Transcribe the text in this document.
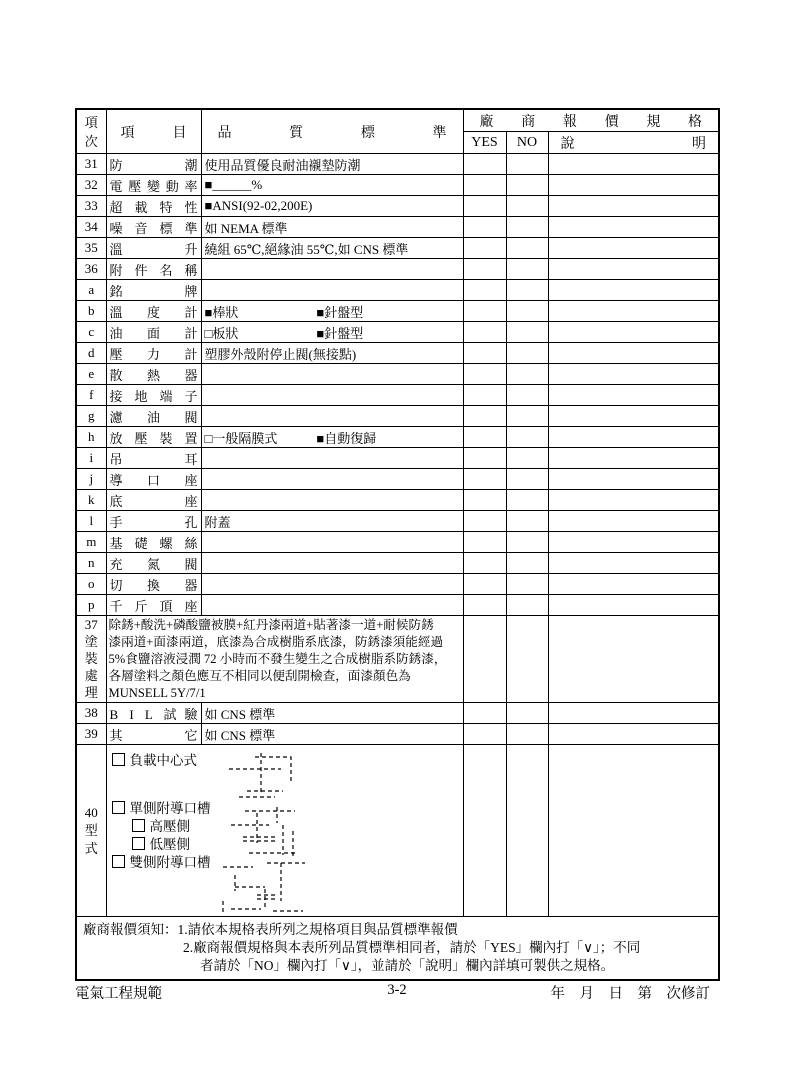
項
次	項目	品質標準	廠商報價規格		
			YES	NO	說明
31	防潮	使用品質優良耐油襯墊防潮			
32	電壓變動率	■______%			
33	超載特性	■ANSI(92-02,200E)			
34	噪音標準	如 NEMA 標準			
35	溫升	繞組 65℃,絕緣油 55℃,如 CNS 標準			
36	附件名稱				
a	銘牌				
b	溫度計	■棒狀　　　　　　■針盤型			
c	油面計	□板狀　　　　　　■針盤型			
d	壓力計	塑膠外殼附停止閥(無接點)			
e	散熱器				
f	接地端子				
g	濾油閥				
h	放壓裝置	□一般隔膜式　　　■自動復歸			
i	吊耳				
j	導口座				
k	底座				
l	手孔	附蓋			
m	基礎螺絲				
n	充氮閥				
o	切換器				
p	千斤頂座				

37
塗
裝
處
理

除銹+酸洗+磷酸鹽被膜+紅丹漆兩道+貼著漆一道+耐候防銹
漆兩道+面漆兩道，底漆為合成樹脂系底漆，防銹漆須能經過
5%食鹽溶液浸潤 72 小時而不發生變生之合成樹脂系防銹漆，
各層塗料之顏色應互不相同以便刮開檢查，面漆顏色為
MUNSELL 5Y/7/1

38	B I L 試驗	如 CNS 標準			
39	其它	如 CNS 標準			

40
型
式

負載中心式
單側附導口槽
高壓側
低壓側
雙側附導口槽

廠商報價須知：1.請依本規格表所列之規格項目與品質標準報價
2.廠商報價規格與本表所列品質標準相同者，請於「YES」欄內打「∨」；不同
者請於「NO」欄內打「∨」，並請於「說明」欄內詳填可製供之規格。					
電氣工程規範	3-2	年　月　日　第　次修訂
